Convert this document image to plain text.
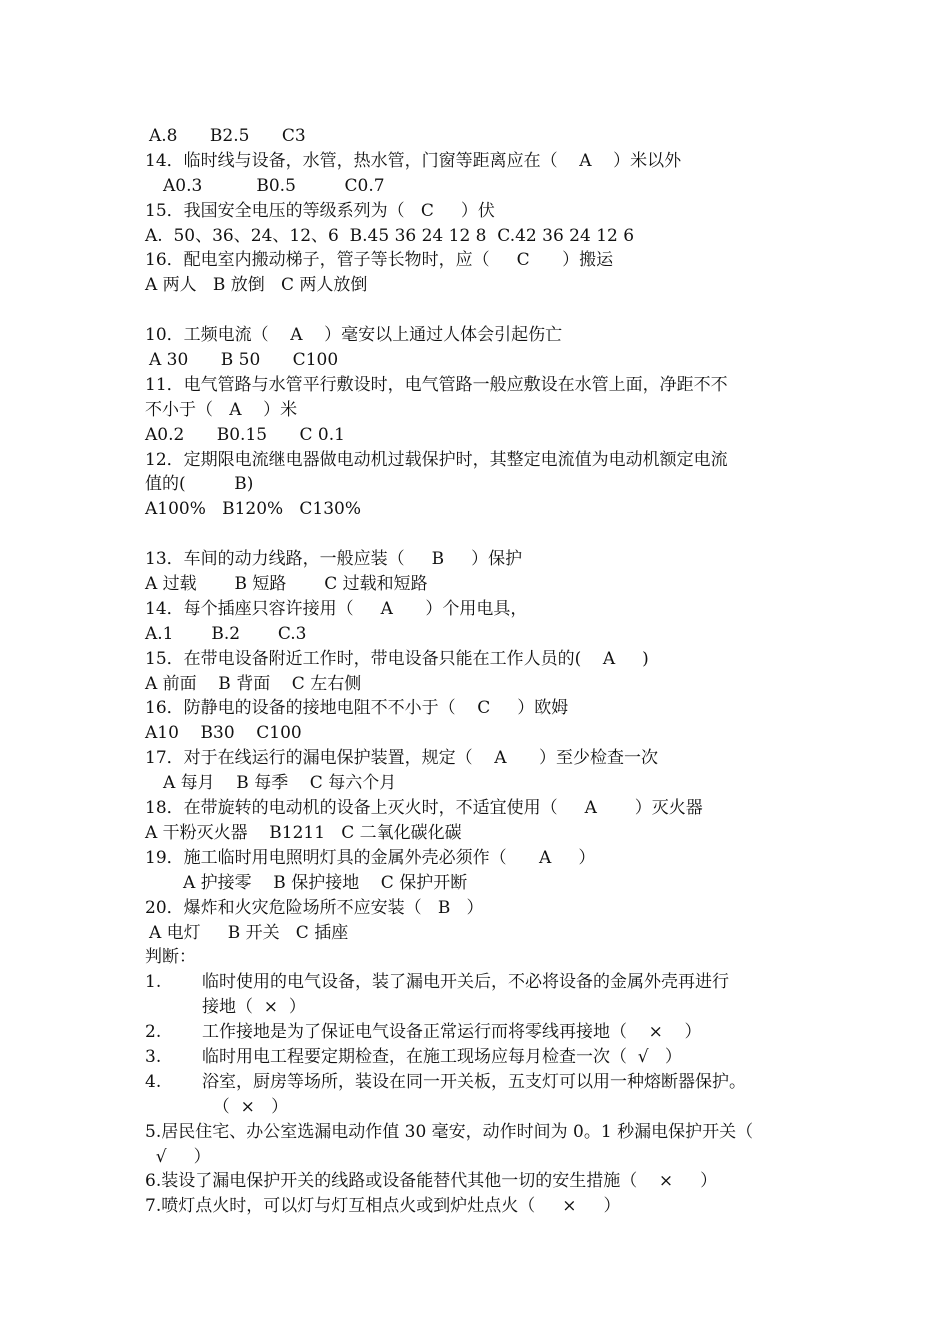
A.8      B2.5      C3
14．临时线与设备，水管，热水管，门窗等距离应在（    A    ）米以外
A0.3          B0.5         C0.7
15．我国安全电压的等级系列为（   C     ）伏
A.  50、36、24、12、6  B.45 36 24 12 8  C.42 36 24 12 6
16．配电室内搬动梯子，管子等长物时，应（     C      ）搬运
A 两人   B 放倒   C 两人放倒
10．工频电流（    A    ）毫安以上通过人体会引起伤亡
A 30      B 50      C100
11．电气管路与水管平行敷设时，电气管路一般应敷设在水管上面，净距不不
不小于（   A    ）米
A0.2      B0.15      C 0.1
12．定期限电流继电器做电动机过载保护时，其整定电流值为电动机额定电流
值的(         B)
A100%   B120%   C130%
13．车间的动力线路，一般应装（     B     ）保护
A 过载       B 短路       C 过载和短路
14．每个插座只容许接用（     A      ）个用电具，
A.1       B.2       C.3
15．在带电设备附近工作时，带电设备只能在工作人员的(    A     )
A 前面    B 背面    C 左右侧
16．防静电的设备的接地电阻不不小于（    C     ）欧姆
A10    B30    C100
17．对于在线运行的漏电保护装置，规定（    A      ）至少检查一次
A 每月    B 每季    C 每六个月
18．在带旋转的电动机的设备上灭火时，不适宜使用（     A       ）灭火器
A 干粉灭火器    B1211   C 二氧化碳化碳
19．施工临时用电照明灯具的金属外壳必须作（      A     ）
A 护接零    B 保护接地    C 保护开断
20．爆炸和火灾危险场所不应安装（   B   ）
A 电灯     B 开关   C 插座
判断：
1. 临时使用的电气设备，装了漏电开关后，不必将设备的金属外壳再进行
接地（  ×  ）
2. 工作接地是为了保证电气设备正常运行而将零线再接地（    ×    ）
3. 临时用电工程要定期检查，在施工现场应每月检查一次（  √   ）
4. 浴室，厨房等场所，装设在同一开关板，五支灯可以用一种熔断器保护。
（  ×   ）
5.居民住宅、办公室选漏电动作值 30 毫安，动作时间为 0。1 秒漏电保护开关（
√     ）
6.装设了漏电保护开关的线路或设备能替代其他一切的安生措施（    ×     ）
7.喷灯点火时，可以灯与灯互相点火或到炉灶点火（     ×     ）
